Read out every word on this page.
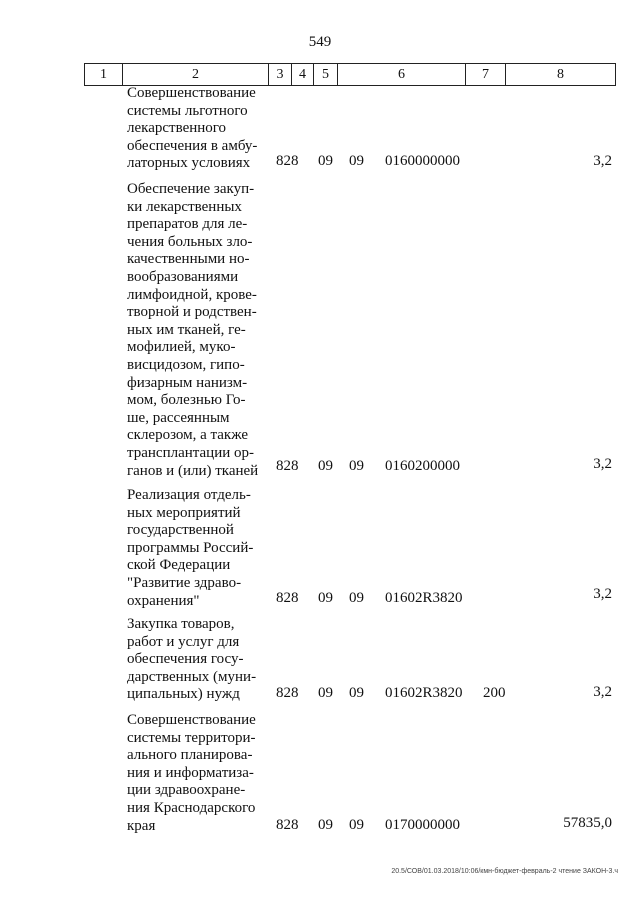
549
1	2	3	4	5	6	7	8
Совершенствование
системы льготного
лекарственного
обеспечения в амбу-
латорных условиях	828 09 09 0160000000	3,2
Обеспечение закуп-
ки лекарственных
препаратов для ле-
чения больных зло-
качественными но-
вообразованиями
лимфоидной, крове-
творной и родствен-
ных им тканей, ге-
мофилией, муко-
висцидозом, гипо-
физарным нанизм-
мом, болезнью Го-
ше, рассеянным
склерозом, а также
трансплантации ор-
ганов и (или) тканей	828 09 09 0160200000	3,2
Реализация отдель-
ных мероприятий
государственной
программы Россий-
ской Федерации
"Развитие здраво-
охранения"	828 09 09 01602R3820	3,2
Закупка товаров,
работ и услуг для
обеспечения госу-
дарственных (муни-
ципальных) нужд	828 09 09 01602R3820 200	3,2
Совершенствование
системы территори-
ального планирова-
ния и информатиза-
ции здравоохране-
ния Краснодарского
края	828 09 09 0170000000	57835,0
20.5/СОВ/01.03.2018/10:06/кмн-бюджет-февраль-2 чтение ЗАКОН-3.ч
